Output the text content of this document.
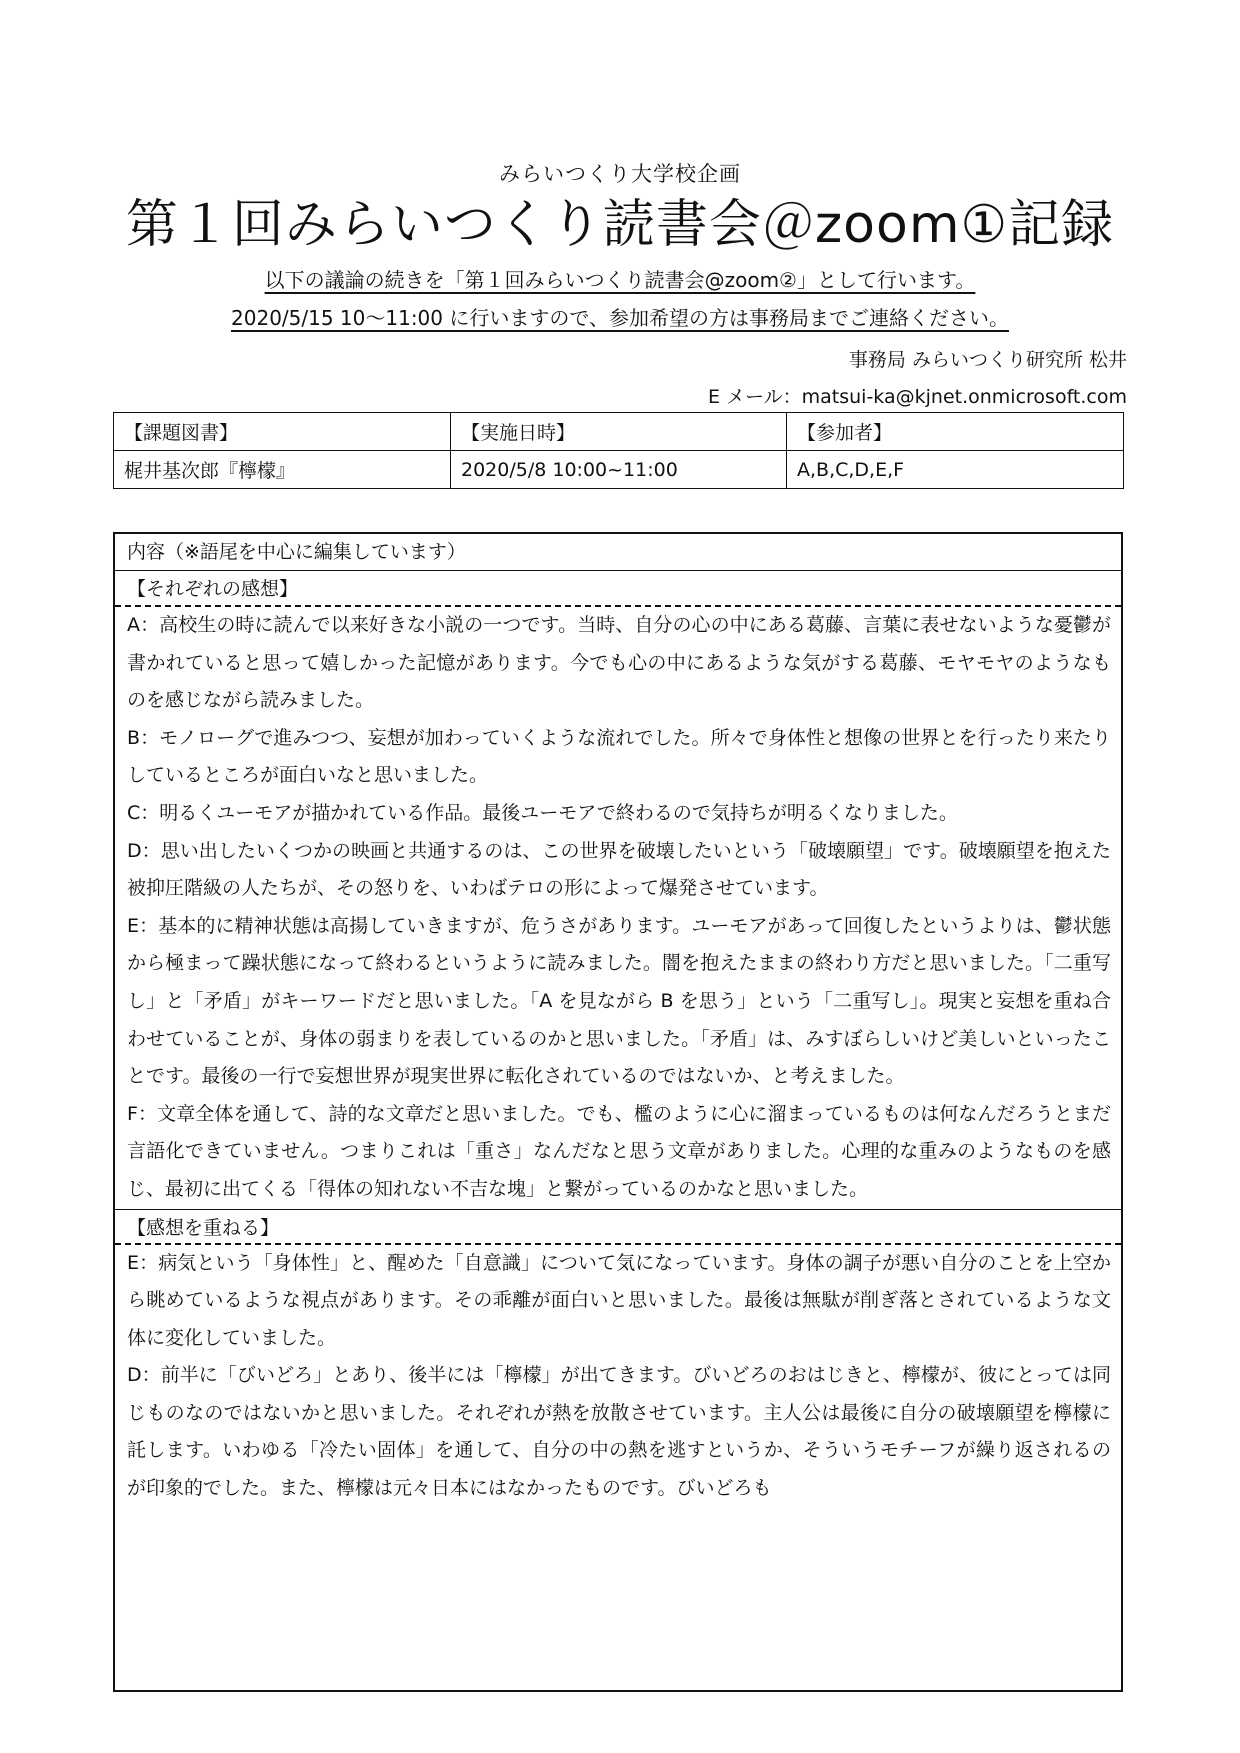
みらいつくり大学校企画
第１回みらいつくり読書会＠zoom①記録
以下の議論の続きを「第１回みらいつくり読書会@zoom②」として行います。
2020/5/15 10～11:00 に行いますので、参加希望の方は事務局までご連絡ください。
事務局 みらいつくり研究所 松井
E メール：matsui-ka@kjnet.onmicrosoft.com
【課題図書】	【実施日時】	【参加者】
梶井基次郎『檸檬』	2020/5/8 10:00~11:00	A,B,C,D,E,F
内容（※語尾を中心に編集しています）
【それぞれの感想】

A：高校生の時に読んで以来好きな小説の一つです。当時、自分の心の中にある葛藤、言葉に表せないような憂鬱が書かれていると思って嬉しかった記憶があります。今でも心の中にあるような気がする葛藤、モヤモヤのようなものを感じながら読みました。

B：モノローグで進みつつ、妄想が加わっていくような流れでした。所々で身体性と想像の世界とを行ったり来たりしているところが面白いなと思いました。

C：明るくユーモアが描かれている作品。最後ユーモアで終わるので気持ちが明るくなりました。

D：思い出したいくつかの映画と共通するのは、この世界を破壊したいという「破壊願望」です。破壊願望を抱えた被抑圧階級の人たちが、その怒りを、いわばテロの形によって爆発させています。

E：基本的に精神状態は高揚していきますが、危うさがあります。ユーモアがあって回復したというよりは、鬱状態から極まって躁状態になって終わるというように読みました。闇を抱えたままの終わり方だと思いました。「二重写し」と「矛盾」がキーワードだと思いました。「A を見ながら B を思う」という「二重写し」。現実と妄想を重ね合わせていることが、身体の弱まりを表しているのかと思いました。「矛盾」は、みすぼらしいけど美しいといったことです。最後の一行で妄想世界が現実世界に転化されているのではないか、と考えました。

F：文章全体を通して、詩的な文章だと思いました。でも、檻のように心に溜まっているものは何なんだろうとまだ言語化できていません。つまりこれは「重さ」なんだなと思う文章がありました。心理的な重みのようなものを感じ、最初に出てくる「得体の知れない不吉な塊」と繋がっているのかなと思いました。

【感想を重ねる】

E：病気という「身体性」と、醒めた「自意識」について気になっています。身体の調子が悪い自分のことを上空から眺めているような視点があります。その乖離が面白いと思いました。最後は無駄が削ぎ落とされているような文体に変化していました。

D：前半に「びいどろ」とあり、後半には「檸檬」が出てきます。びいどろのおはじきと、檸檬が、彼にとっては同じものなのではないかと思いました。それぞれが熱を放散させています。主人公は最後に自分の破壊願望を檸檬に託します。いわゆる「冷たい固体」を通して、自分の中の熱を逃すというか、そういうモチーフが繰り返されるのが印象的でした。また、檸檬は元々日本にはなかったものです。びいどろも
